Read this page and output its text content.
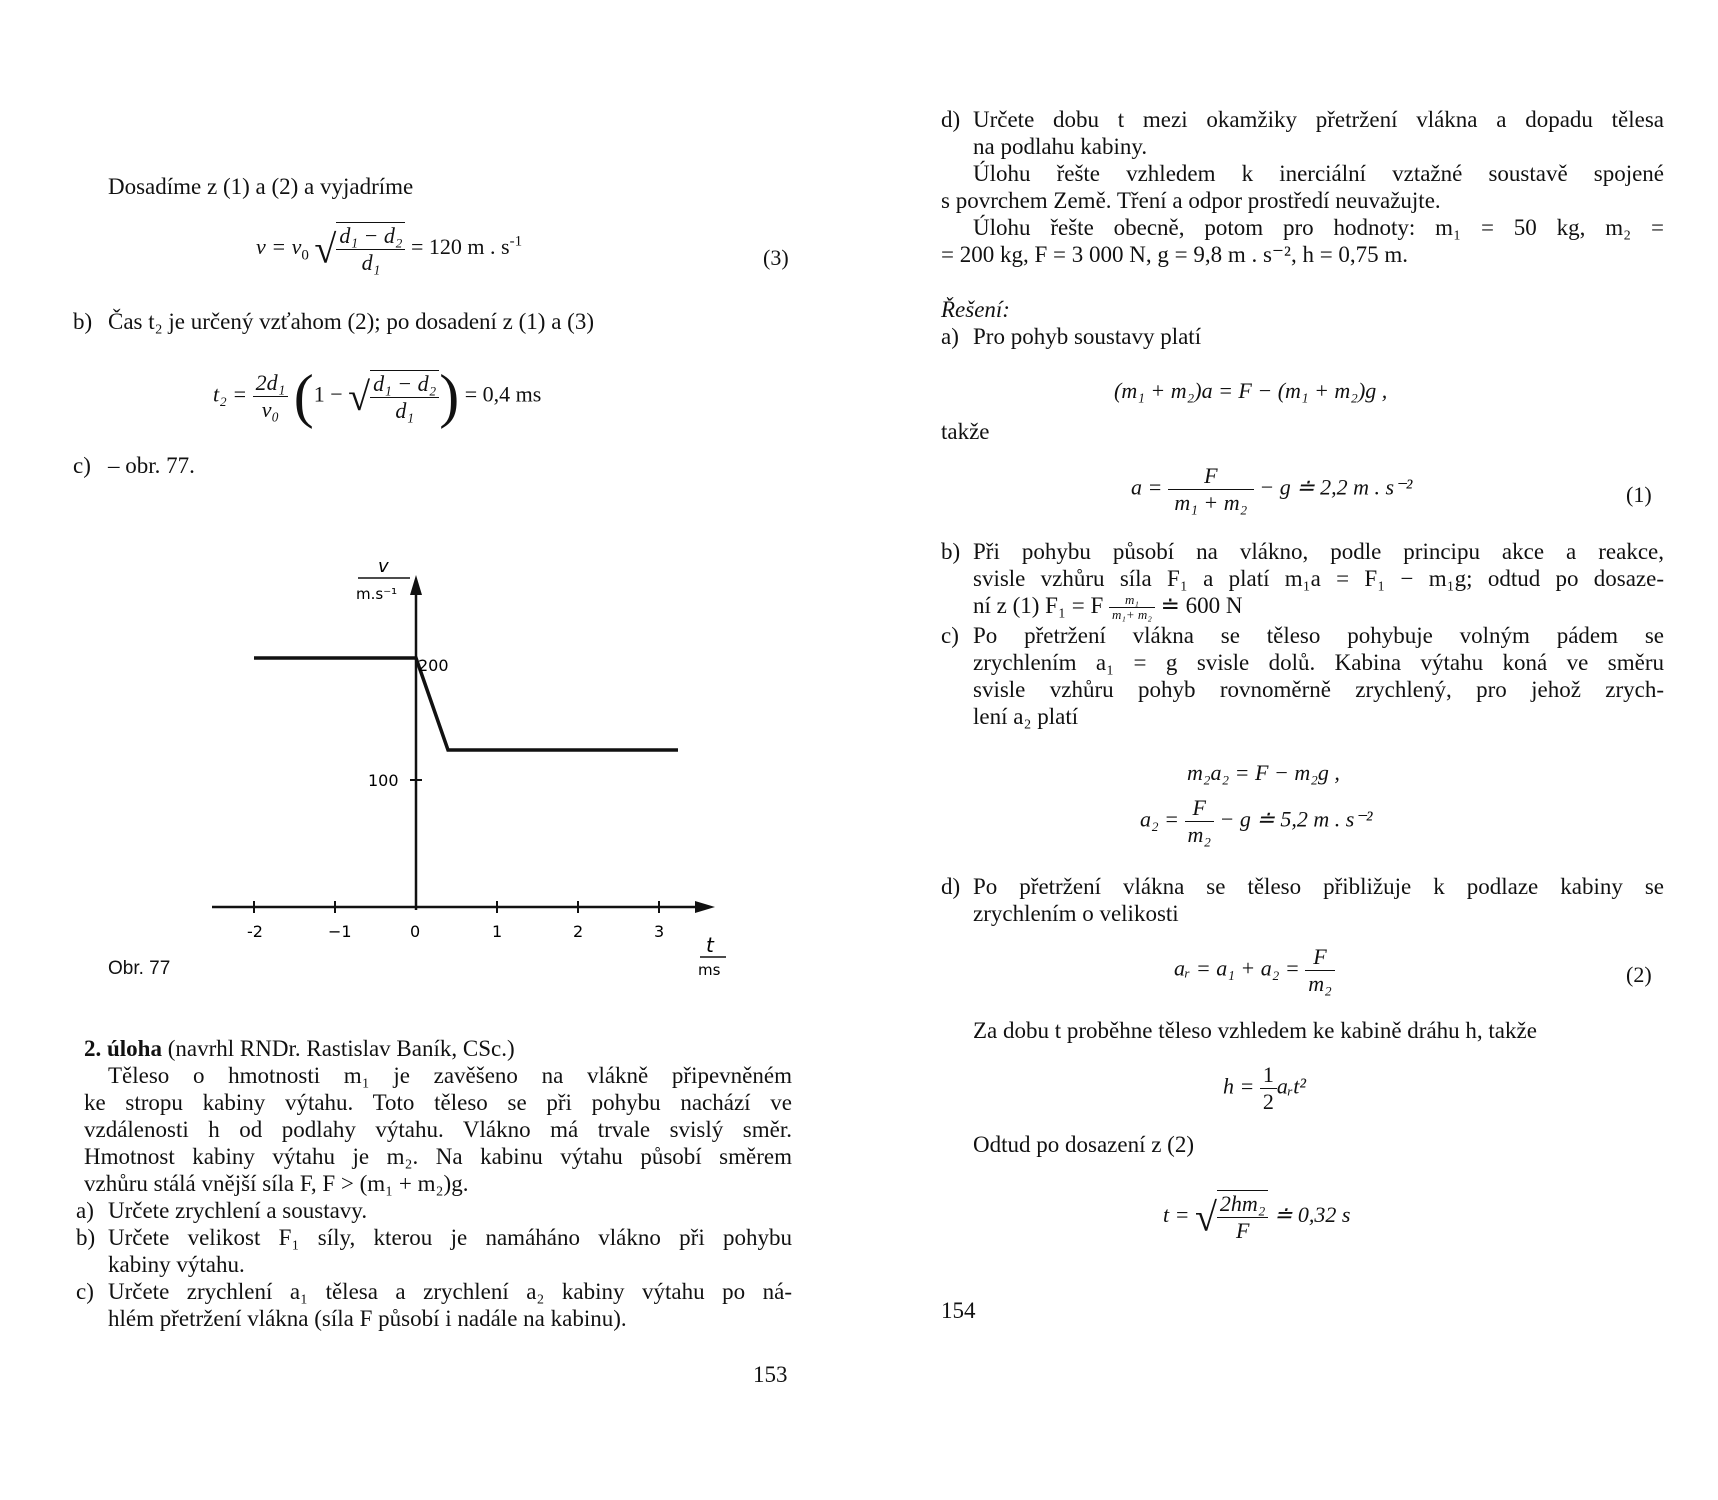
Dosadíme z (1) a (2) a vyjadríme
$v = v_0$ √ $\frac{\text{d₁ − d₂}}{\text{d₁}} = 120$ m . $s^{-1}$
(3)
b) Čas t₂ je určený vzťahom (2); po dosadení z (1) a (3)
$t_2 = \frac{\text{2d₁}}{\text{v₀}} (1$ − √ $\frac{\text{d₁ − d₂}}{\text{d₁}}$ ) = 0,4 ms
c) – obr. 77.
200
100
-2	−1	0	1	2	3
v
m.s⁻¹
t
ms
Obr. 77
2. úloha (navrhl RNDr. Rastislav Baník, CSc.)
Těleso o hmotnosti m₁ je zavěšeno na vlákně připevněném
ke stropu kabiny výtahu. Toto těleso se při pohybu nachází ve
vzdálenosti h od podlahy výtahu. Vlákno má trvale svislý směr.
Hmotnost kabiny výtahu je m₂. Na kabinu výtahu působí směrem
vzhůru stálá vnější síla F, F > (m₁ + m₂)g.
a) Určete zrychlení a soustavy.
b) Určete velikost F₁ síly, kterou je namáháno vlákno při pohybu
kabiny výtahu.
c) Určete zrychlení a₁ tělesa a zrychlení a₂ kabiny výtahu po ná-
hlém přetržení vlákna (síla F působí i nadále na kabinu).
153
d) Určete dobu t mezi okamžiky přetržení vlákna a dopadu tělesa
na podlahu kabiny.
Úlohu řešte vzhledem k inerciální vztažné soustavě spojené
s povrchem Země. Tření a odpor prostředí neuvažujte.
Úlohu řešte obecně, potom pro hodnoty: m₁ = 50 kg, m₂ =
= 200 kg, F = 3 000 N, g = 9,8 m . s⁻², h = 0,75 m.
Řešení:
a) Pro pohyb soustavy platí
(m₁ + m₂)a = F − (m₁ + m₂)g ,
takže
$a = \frac{F}{\text{m₁ + m₂}} - g$ ≐ 2,2 m . s⁻²	(1)
b) Při pohybu působí na vlákno, podle principu akce a reakce,
svisle vzhůru síla F₁ a platí m₁a = F₁ − m₁g; odtud po dosaze-
ní z (1) F₁ = F $\frac{\text{m₁}}{\text{m₁+ m₂}}$ ≐ 600 N
c) Po přetržení vlákna se těleso pohybuje volným pádem se
zrychlením a₁ = g svisle dolů. Kabina výtahu koná ve směru
svisle vzhůru pohyb rovnoměrně zrychlený, pro jehož zrych-
lení a₂ platí
m₂a₂ = F − m₂g ,
$a_2 = \frac{F}{\text{m₂}} - g$ ≐ 5,2 m . s⁻²
d) Po přetržení vlákna se těleso přibližuje k podlaze kabiny se
zrychlením o velikosti
aᵣ = $a_1 + a_2 = \frac{F}{\text{m₂}}$	(2)
Za dobu t proběhne těleso vzhledem ke kabině dráhu h, takže
$h = \frac{1}{2}$ aᵣt²
Odtud po dosazení z (2)
t = √ $\frac{\text{2hm₂}}{F}$ ≐ 0,32 s
154
